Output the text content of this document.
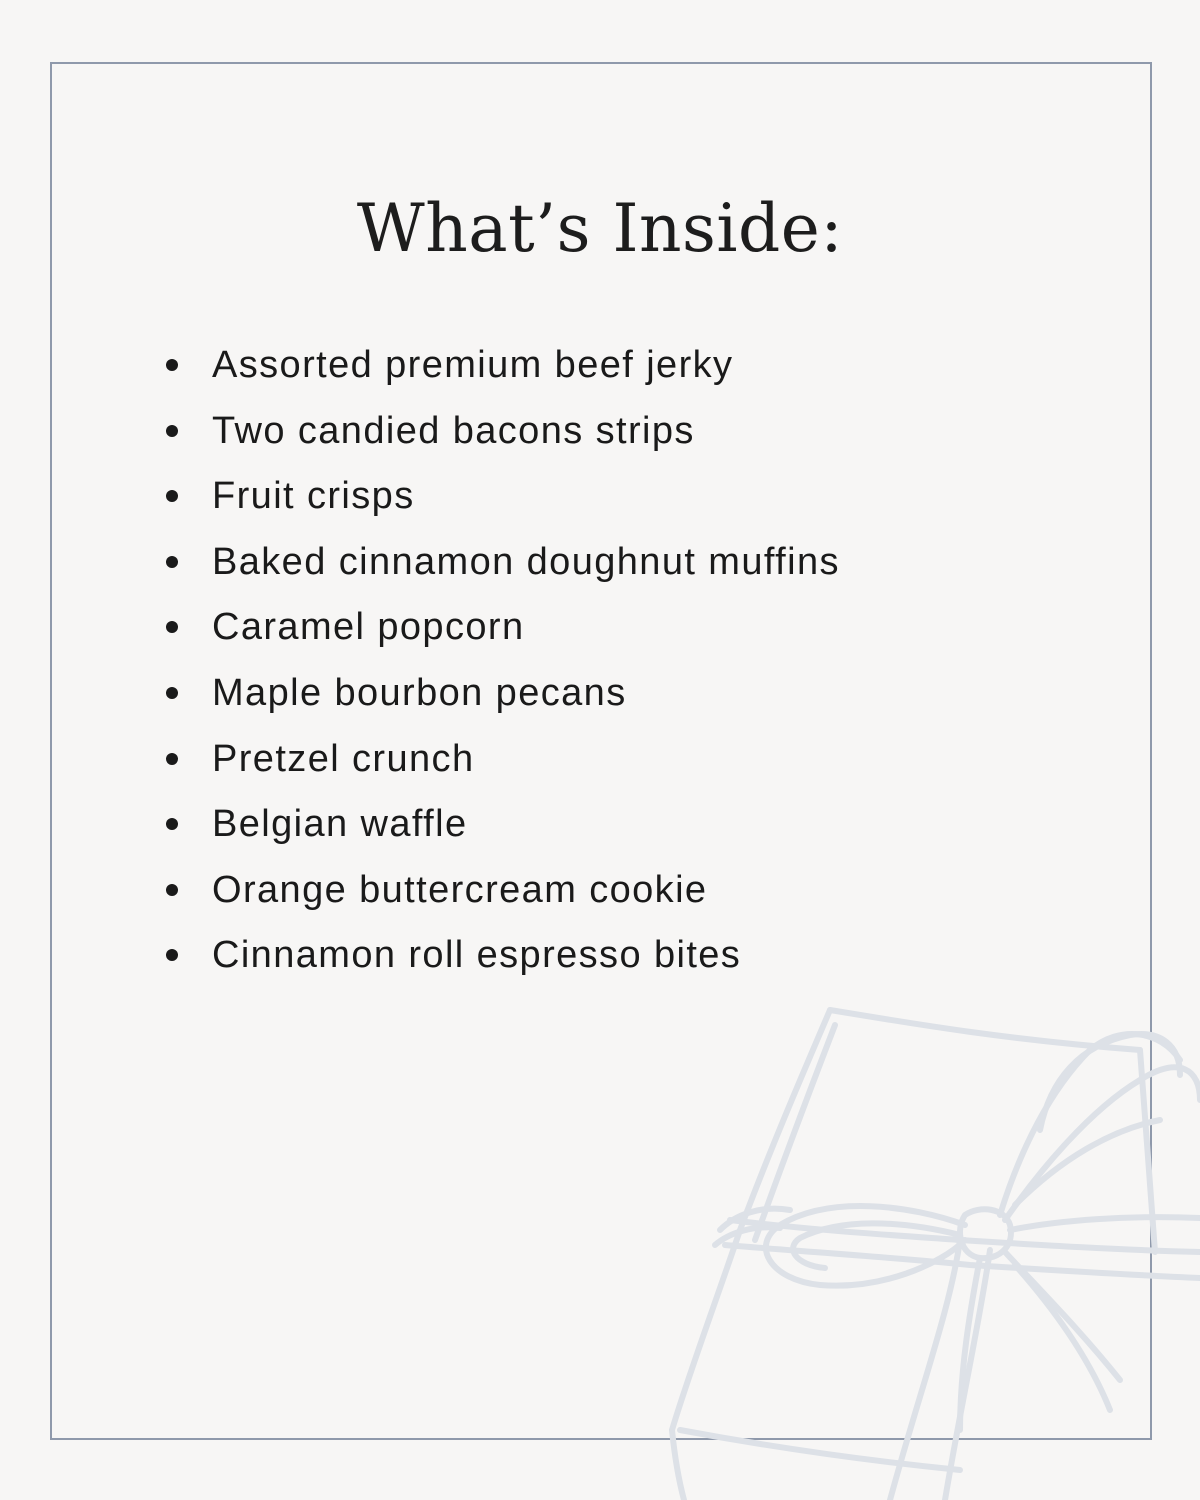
What’s Inside:
Assorted premium beef jerky
Two candied bacons strips
Fruit crisps
Baked cinnamon doughnut muffins
Caramel popcorn
Maple bourbon pecans
Pretzel crunch
Belgian waffle
Orange buttercream cookie
Cinnamon roll espresso bites
